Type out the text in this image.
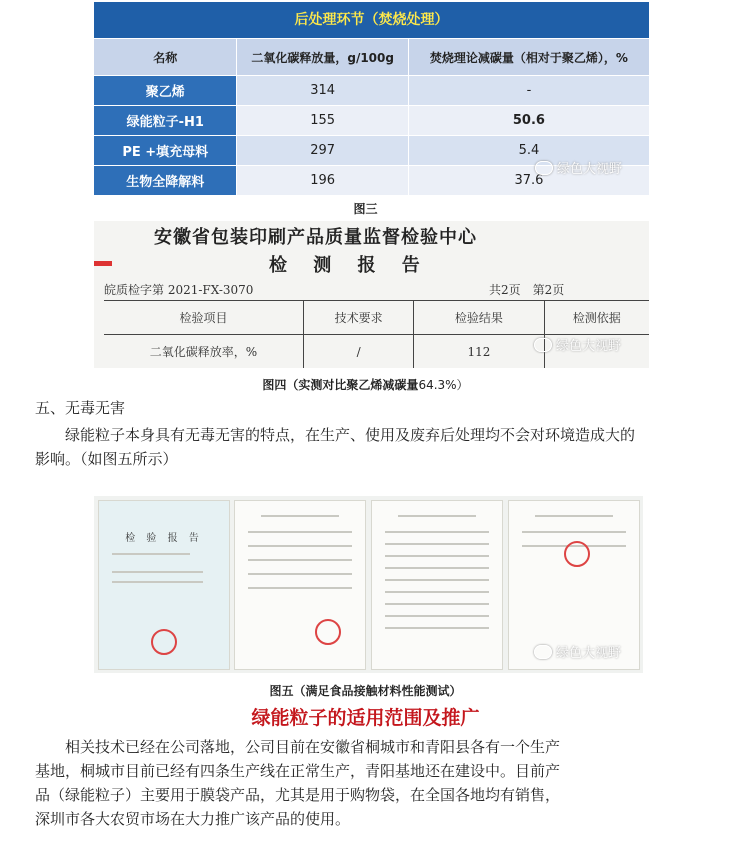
后处理环节（焚烧处理）
名称	二氧化碳释放量，g/100g	焚烧理论减碳量（相对于聚乙烯），%
聚乙烯	314	-
绿能粒子-H1	155	50.6
PE +填充母料	297	5.4
生物全降解料	196	37.6
绿色大视野
图三
安徽省包装印刷产品质量监督检验中心
检 测 报 告
皖质检字第 2021-FX-3070	共2页　第2页
检验项目	技术要求	检验结果	检测依据
二氧化碳释放率，%	/	112	绿色大视野
图四（实测对比聚乙烯减碳量64.3%）
五、无毒无害
绿能粒子本身具有无毒无害的特点，在生产、使用及废弃后处理均不会对环境造成大的
影响。（如图五所示）
检 验 报 告
绿色大视野
图五（满足食品接触材料性能测试）
绿能粒子的适用范围及推广
相关技术已经在公司落地，公司目前在安徽省桐城市和青阳县各有一个生产
基地，桐城市目前已经有四条生产线在正常生产，青阳基地还在建设中。目前产
品（绿能粒子）主要用于膜袋产品，尤其是用于购物袋，在全国各地均有销售，
深圳市各大农贸市场在大力推广该产品的使用。
